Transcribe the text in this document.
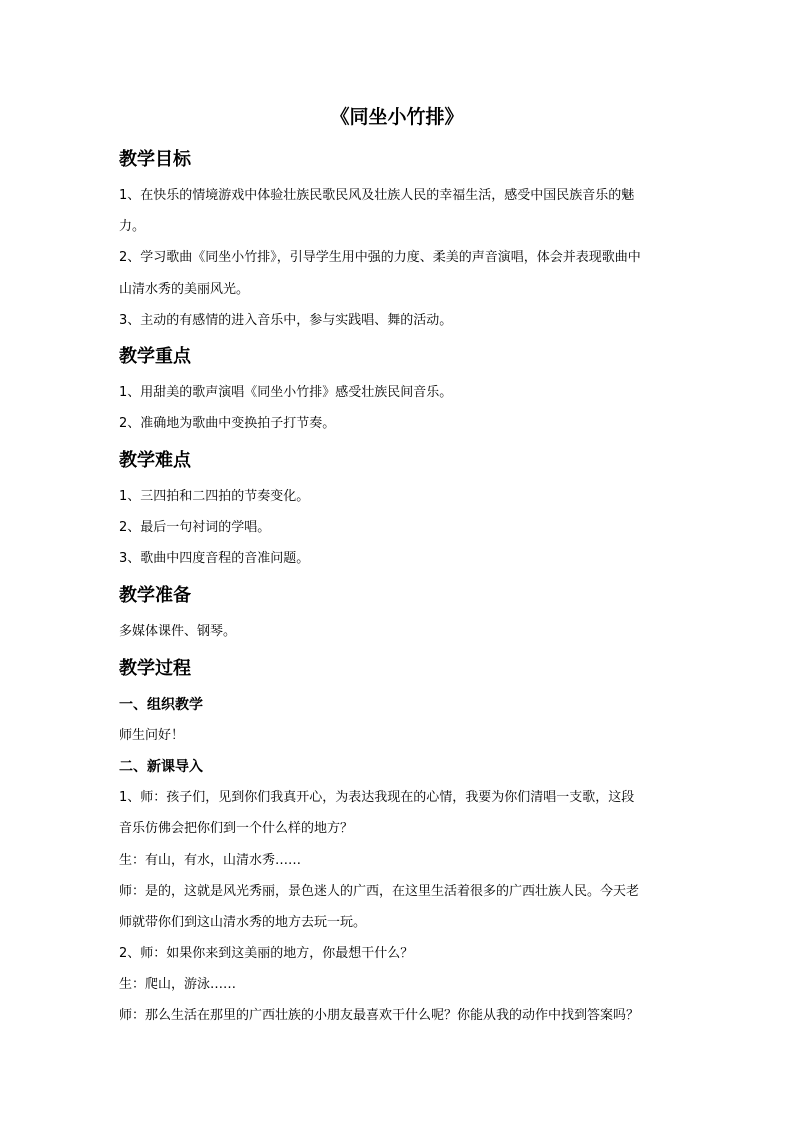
《同坐小竹排》
教学目标
1、在快乐的情境游戏中体验壮族民歌民风及壮族人民的幸福生活，感受中国民族音乐的魅
力。
2、学习歌曲《同坐小竹排》，引导学生用中强的力度、柔美的声音演唱，体会并表现歌曲中
山清水秀的美丽风光。
3、主动的有感情的进入音乐中，参与实践唱、舞的活动。
教学重点
1、用甜美的歌声演唱《同坐小竹排》感受壮族民间音乐。
2、准确地为歌曲中变换拍子打节奏。
教学难点
1、三四拍和二四拍的节奏变化。
2、最后一句衬词的学唱。
3、歌曲中四度音程的音准问题。
教学准备
多媒体课件、钢琴。
教学过程
一、组织教学
师生问好！
二、新课导入
1、师：孩子们，见到你们我真开心，为表达我现在的心情，我要为你们清唱一支歌，这段
音乐仿佛会把你们到一个什么样的地方？
生：有山，有水，山清水秀……
师：是的，这就是风光秀丽，景色迷人的广西，在这里生活着很多的广西壮族人民。今天老
师就带你们到这山清水秀的地方去玩一玩。
2、师：如果你来到这美丽的地方，你最想干什么？
生：爬山，游泳……
师：那么生活在那里的广西壮族的小朋友最喜欢干什么呢？你能从我的动作中找到答案吗？
